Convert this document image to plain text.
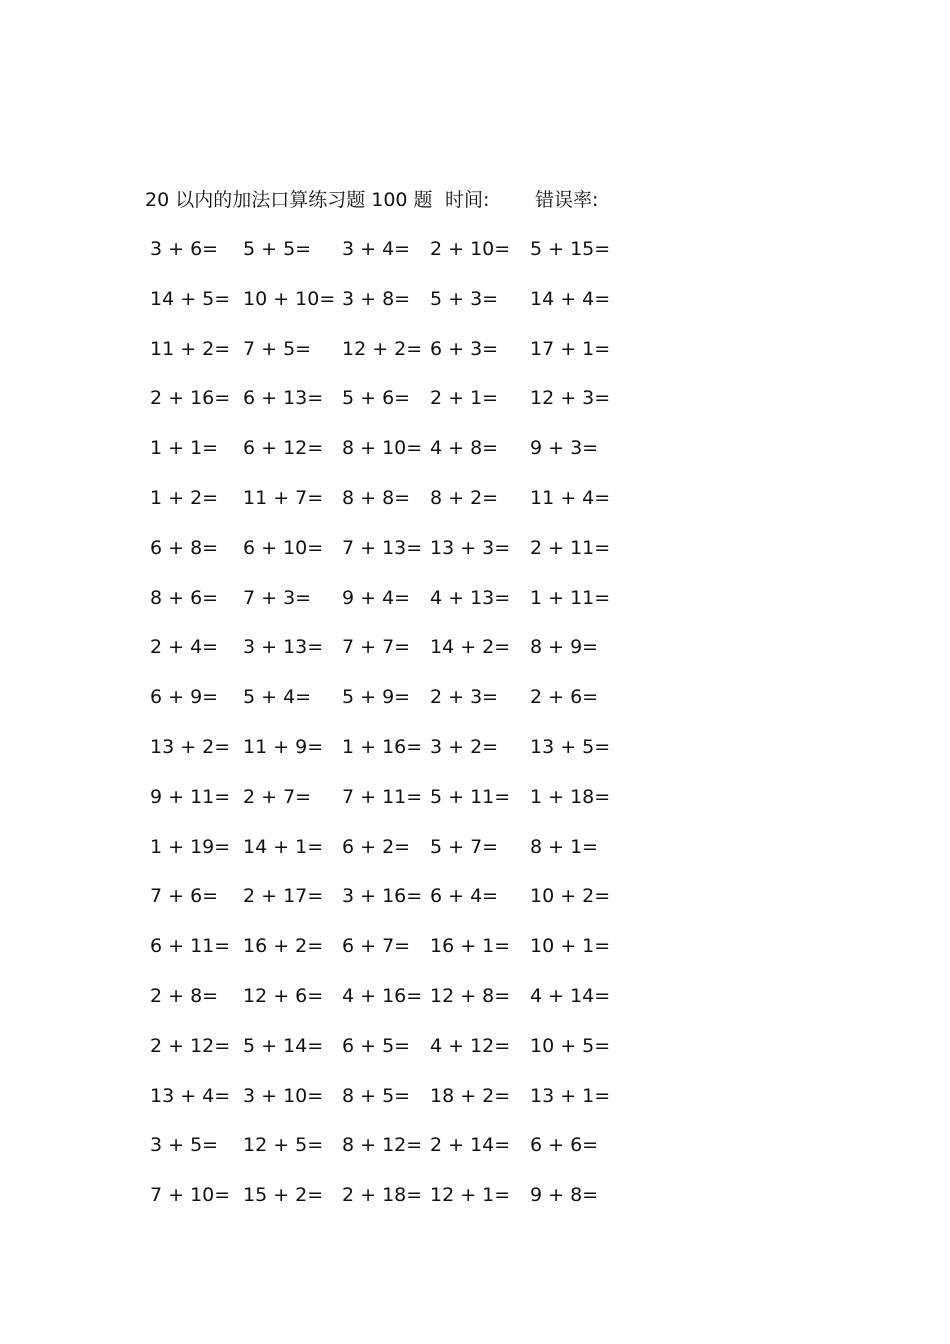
20 以内的加法口算练习题 100 题 时间: 错误率:
3 + 6= 5 + 5= 3 + 4= 2 + 10= 5 + 15=
14 + 5= 10 + 10= 3 + 8= 5 + 3= 14 + 4=
11 + 2= 7 + 5= 12 + 2= 6 + 3= 17 + 1=
2 + 16= 6 + 13= 5 + 6= 2 + 1= 12 + 3=
1 + 1= 6 + 12= 8 + 10= 4 + 8= 9 + 3=
1 + 2= 11 + 7= 8 + 8= 8 + 2= 11 + 4=
6 + 8= 6 + 10= 7 + 13= 13 + 3= 2 + 11=
8 + 6= 7 + 3= 9 + 4= 4 + 13= 1 + 11=
2 + 4= 3 + 13= 7 + 7= 14 + 2= 8 + 9=
6 + 9= 5 + 4= 5 + 9= 2 + 3= 2 + 6=
13 + 2= 11 + 9= 1 + 16= 3 + 2= 13 + 5=
9 + 11= 2 + 7= 7 + 11= 5 + 11= 1 + 18=
1 + 19= 14 + 1= 6 + 2= 5 + 7= 8 + 1=
7 + 6= 2 + 17= 3 + 16= 6 + 4= 10 + 2=
6 + 11= 16 + 2= 6 + 7= 16 + 1= 10 + 1=
2 + 8= 12 + 6= 4 + 16= 12 + 8= 4 + 14=
2 + 12= 5 + 14= 6 + 5= 4 + 12= 10 + 5=
13 + 4= 3 + 10= 8 + 5= 18 + 2= 13 + 1=
3 + 5= 12 + 5= 8 + 12= 2 + 14= 6 + 6=
7 + 10= 15 + 2= 2 + 18= 12 + 1= 9 + 8=
